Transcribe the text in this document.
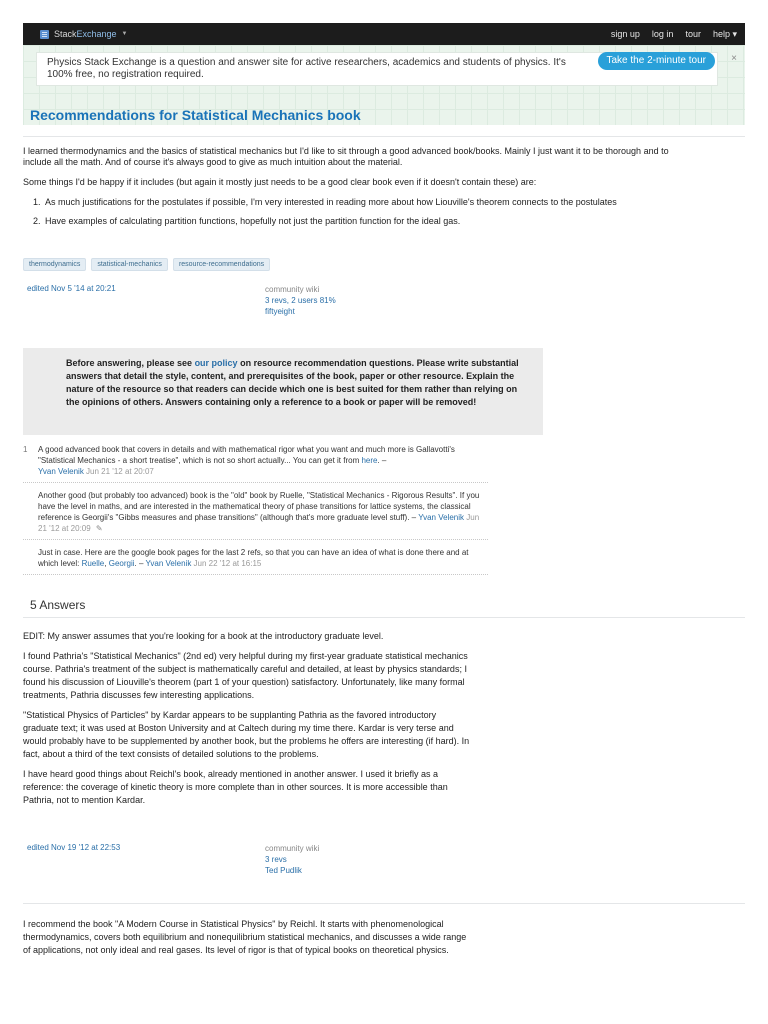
Stack Exchange ▼	sign up log in tour help ▾
Physics Stack Exchange is a question and answer site for active researchers, academics and students of physics. It's 100% free, no registration required.
Take the 2-minute tour	×
Recommendations for Statistical Mechanics book

I learned thermodynamics and the basics of statistical mechanics but I'd like to sit through a good advanced book/books. Mainly I just want it to be thorough and to include all the math. And of course it's always good to give as much intuition about the material.

Some things I'd be happy if it includes (but again it mostly just needs to be a good clear book even if it doesn't contain these) are:

1. As much justifications for the postulates if possible, I'm very interested in reading more about how Liouville's theorem connects to the postulates
2. Have examples of calculating partition functions, hopefully not just the partition function for the ideal gas.
thermodynamics	statistical-mechanics	resource-recommendations
edited Nov 5 '14 at 20:21	community wiki
3 revs, 2 users 81%
fiftyeight
Before answering, please see our policy on resource recommendation questions. Please write substantial answers that detail the style, content, and prerequisites of the book, paper or other resource. Explain the nature of the resource so that readers can decide which one is best suited for them rather than relying on the opinions of others. Answers containing only a reference to a book or paper will be removed!
1 A good advanced book that covers in details and with mathematical rigor what you want and much more is Gallavotti's "Statistical Mechanics - a short treatise", which is not so short actually... You can get it from here. –
Yvan Velenik Jun 21 '12 at 20:07
Another good (but probably too advanced) book is the "old" book by Ruelle, "Statistical Mechanics - Rigorous Results". If you have the level in maths, and are interested in the mathematical theory of phase transitions for lattice systems, the classical reference is Georgii's "Gibbs measures and phase transitions" (although that's more graduate level stuff). – Yvan Velenik Jun 21 '12 at 20:09 ✎
Just in case. Here are the google book pages for the last 2 refs, so that you can have an idea of what is done there and at which level: Ruelle, Georgii. – Yvan Velenik Jun 22 '12 at 16:15
5 Answers

EDIT: My answer assumes that you're looking for a book at the introductory graduate level.

I found Pathria's "Statistical Mechanics" (2nd ed) very helpful during my first-year graduate statistical mechanics course. Pathria's treatment of the subject is mathematically careful and detailed, at least by physics standards; I found his discussion of Liouville's theorem (part 1 of your question) satisfactory. Unfortunately, like many formal treatments, Pathria discusses few interesting applications.

"Statistical Physics of Particles" by Kardar appears to be supplanting Pathria as the favored introductory graduate text; it was used at Boston University and at Caltech during my time there. Kardar is very terse and would probably have to be supplemented by another book, but the problems he offers are interesting (if hard). In fact, about a third of the text consists of detailed solutions to the problems.

I have heard good things about Reichl's book, already mentioned in another answer. I used it briefly as a reference: the coverage of kinetic theory is more complete than in other sources. It is more accessible than Pathria, not to mention Kardar.

edited Nov 19 '12 at 22:53	community wiki
3 revs
Ted Pudlik

I recommend the book "A Modern Course in Statistical Physics" by Reichl. It starts with phenomenological thermodynamics, covers both equilibrium and nonequilibrium statistical mechanics, and discusses a wide range of applications, not only ideal and real gases. Its level of rigor is that of typical books on theoretical physics.
